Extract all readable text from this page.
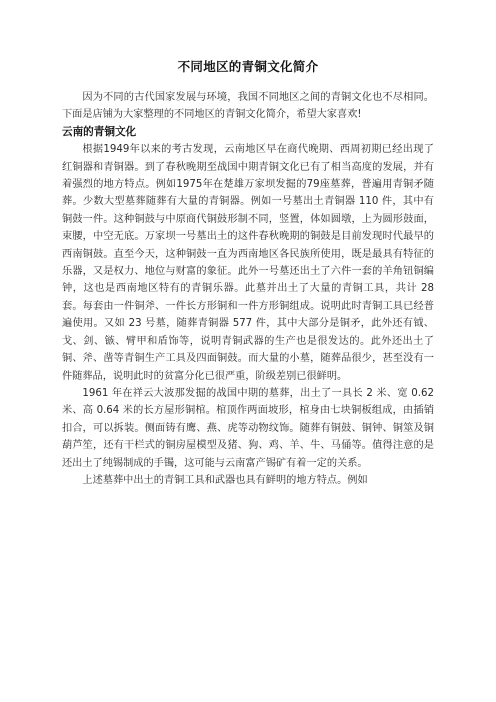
不同地区的青铜文化简介

因为不同的古代国家发展与环境，我国不同地区之间的青铜文化也不尽相同。下面是店铺为大家整理的不同地区的青铜文化简介，希望大家喜欢!

云南的青铜文化

根据1949年以来的考古发现，云南地区早在商代晚期、西周初期已经出现了红铜器和青铜器。到了春秋晚期至战国中期青铜文化已有了相当高度的发展，并有着强烈的地方特点。例如1975年在楚雄万家坝发掘的79座墓葬，普遍用青铜矛随葬。少数大型墓葬随葬有大量的青铜器。例如一号墓出土青铜器 110 件，其中有铜鼓一件。这种铜鼓与中原商代铜鼓形制不同，竖置，体如圆墩，上为圆形鼓面，束腰，中空无底。万家坝一号墓出土的这件春秋晚期的铜鼓是目前发现时代最早的西南铜鼓。直至今天，这种铜鼓一直为西南地区各民族所使用，既是最具有特征的乐器，又是权力、地位与财富的象征。此外一号墓还出土了六件一套的羊角钮铜编钟，这也是西南地区特有的青铜乐器。此墓并出土了大量的青铜工具，共计 28 套。每套由一件铜斧、一件长方形铜和一件方形铜组成。说明此时青铜工具已经普遍使用。又如 23 号墓，随葬青铜器 577 件，其中大部分是铜矛，此外还有钺、戈、剑、镞、臂甲和盾饰等，说明青铜武器的生产也是很发达的。此外还出土了铜、斧、凿等青铜生产工具及四面铜鼓。而大量的小墓，随葬品很少，甚至没有一件随葬品，说明此时的贫富分化已很严重，阶级差别已很鲜明。

1961 年在祥云大波那发掘的战国中期的墓葬，出土了一具长 2 米、宽 0.62 米、高 0.64 米的长方屋形铜棺。棺顶作两面坡形，棺身由七块铜板组成，由插销扣合，可以拆装。侧面铸有鹰、燕、虎等动物纹饰。随葬有铜鼓、铜钟、铜筮及铜葫芦笙，还有干栏式的铜房屋模型及猪、狗、鸡、羊、牛、马俑等。值得注意的是还出土了纯锡制成的手镯，这可能与云南富产锡矿有着一定的关系。

上述墓葬中出土的青铜工具和武器也具有鲜明的地方特点。例如
